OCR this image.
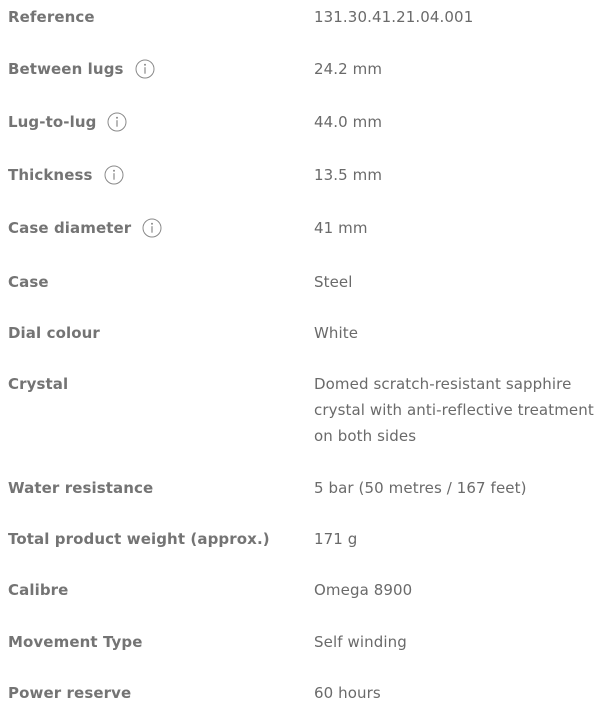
Reference	131.30.41.21.04.001
Between lugs	24.2 mm
Lug-to-lug	44.0 mm
Thickness	13.5 mm
Case diameter	41 mm
Case	Steel
Dial colour	White
Crystal	Domed scratch-resistant sapphire crystal with anti-reflective treatment on both sides
Water resistance	5 bar (50 metres / 167 feet)
Total product weight (approx.)	171 g
Calibre	Omega 8900
Movement Type	Self winding
Power reserve	60 hours
